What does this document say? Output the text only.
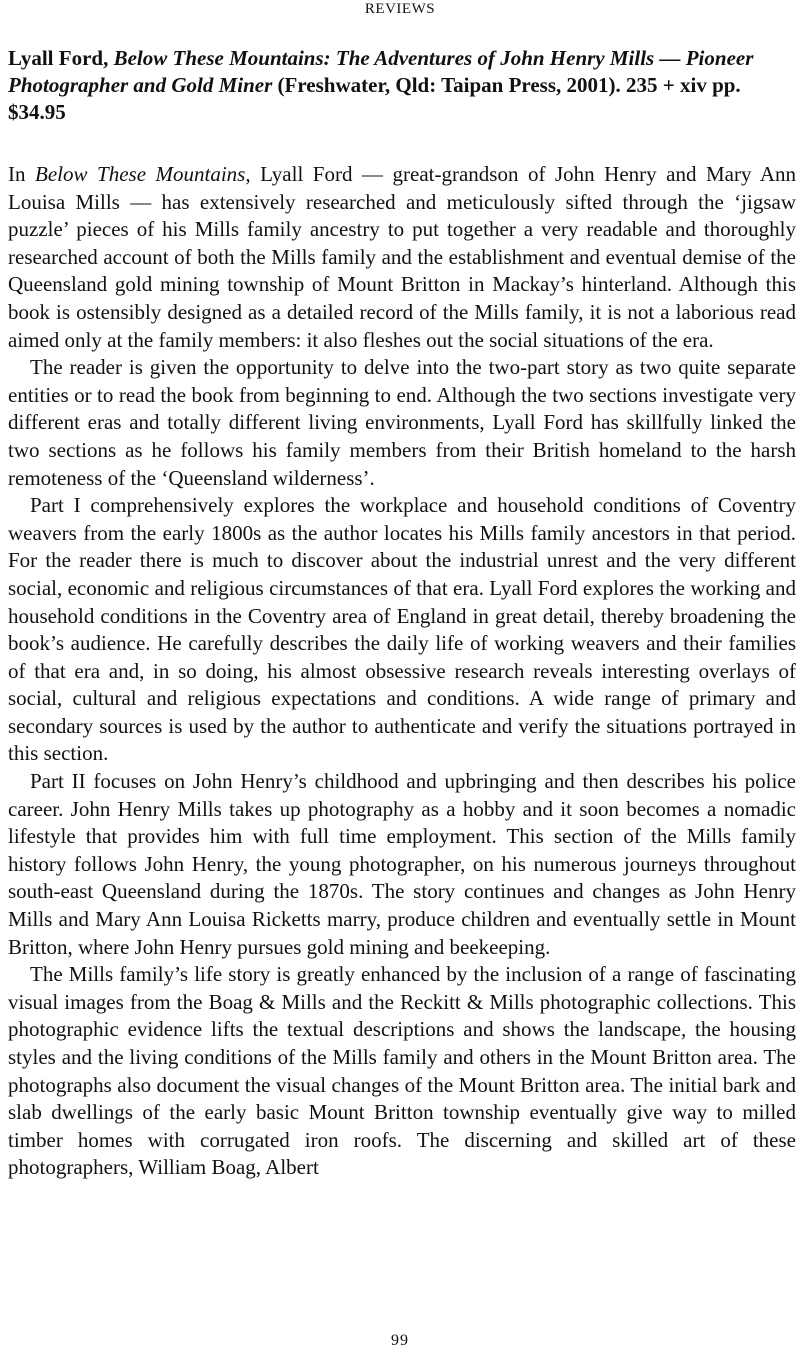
REVIEWS

Lyall Ford, Below These Mountains: The Adventures of John Henry Mills — Pioneer Photographer and Gold Miner (Freshwater, Qld: Taipan Press, 2001). 235 + xiv pp. $34.95

In Below These Mountains, Lyall Ford — great-grandson of John Henry and Mary Ann Louisa Mills — has extensively researched and meticulously sifted through the ‘jigsaw puzzle’ pieces of his Mills family ancestry to put together a very readable and thoroughly researched account of both the Mills family and the establishment and eventual demise of the Queensland gold mining township of Mount Britton in Mackay’s hinterland. Although this book is ostensibly designed as a detailed record of the Mills family, it is not a laborious read aimed only at the family members: it also fleshes out the social situations of the era.

The reader is given the opportunity to delve into the two-part story as two quite separate entities or to read the book from beginning to end. Although the two sections investigate very different eras and totally different living environments, Lyall Ford has skillfully linked the two sections as he follows his family members from their British homeland to the harsh remoteness of the ‘Queensland wilderness’.

Part I comprehensively explores the workplace and household conditions of Coventry weavers from the early 1800s as the author locates his Mills family ancestors in that period. For the reader there is much to discover about the industrial unrest and the very different social, economic and religious circumstances of that era. Lyall Ford explores the working and household conditions in the Coventry area of England in great detail, thereby broadening the book’s audience. He carefully describes the daily life of working weavers and their families of that era and, in so doing, his almost obsessive research reveals interesting overlays of social, cultural and religious expectations and conditions. A wide range of primary and secondary sources is used by the author to authenticate and verify the situations portrayed in this section.

Part II focuses on John Henry’s childhood and upbringing and then describes his police career. John Henry Mills takes up photography as a hobby and it soon becomes a nomadic lifestyle that provides him with full time employment. This section of the Mills family history follows John Henry, the young photographer, on his numerous journeys throughout south-east Queensland during the 1870s. The story continues and changes as John Henry Mills and Mary Ann Louisa Ricketts marry, produce children and eventually settle in Mount Britton, where John Henry pursues gold mining and beekeeping.

The Mills family’s life story is greatly enhanced by the inclusion of a range of fascinating visual images from the Boag & Mills and the Reckitt & Mills photographic collections. This photographic evidence lifts the textual descriptions and shows the landscape, the housing styles and the living conditions of the Mills family and others in the Mount Britton area. The photographs also document the visual changes of the Mount Britton area. The initial bark and slab dwellings of the early basic Mount Britton township eventually give way to milled timber homes with corrugated iron roofs. The discerning and skilled art of these photographers, William Boag, Albert

99
